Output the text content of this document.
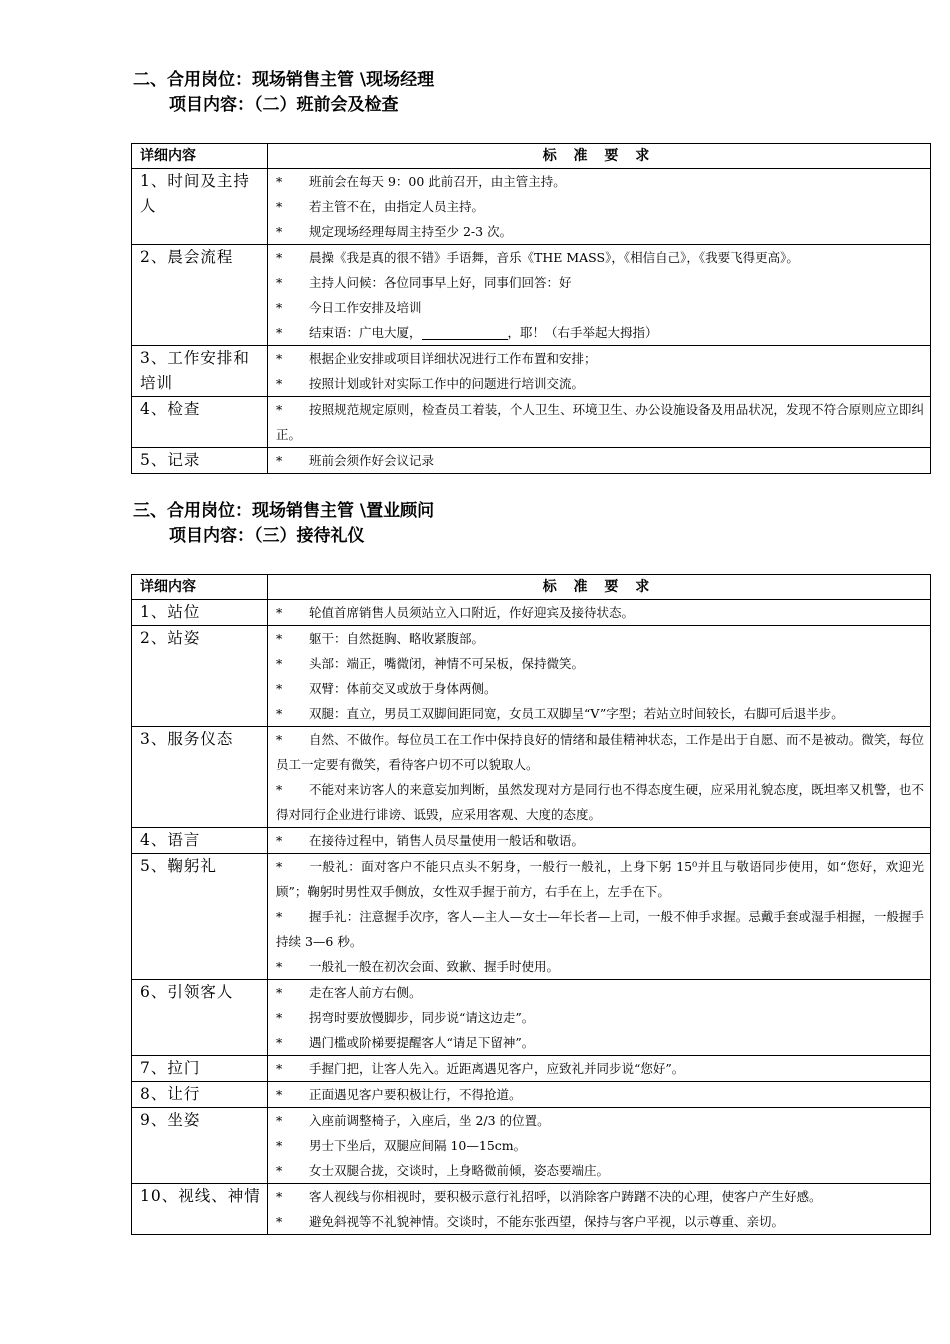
二、合用岗位：现场销售主管 \现场经理
项目内容：（二）班前会及检查
详细内容	标 准 要 求
1、时间及主持人	* 班前会在每天 9：00 此前召开，由主管主持。
* 若主管不在，由指定人员主持。
* 规定现场经理每周主持至少 2-3 次。

2、晨会流程	* 晨操《我是真的很不错》手语舞，音乐《THE MASS》，《相信自己》，《我要飞得更高》。
* 主持人问候：各位同事早上好，同事们回答：好
* 今日工作安排及培训
* 结束语：广电大厦， ，耶！（右手举起大拇指）

3、工作安排和培训	* 根据企业安排或项目详细状况进行工作布置和安排；
* 按照计划或针对实际工作中的问题进行培训交流。

4、检查	* 按照规范规定原则，检查员工着装，个人卫生、环境卫生、办公设施设备及用品状况，发现不符合原则应立即纠正。

5、记录	* 班前会须作好会议记录
三、合用岗位：现场销售主管 \置业顾问
项目内容：（三）接待礼仪
详细内容	标 准 要 求
1、站位	* 轮值首席销售人员须站立入口附近，作好迎宾及接待状态。

2、站姿	* 躯干：自然挺胸、略收紧腹部。
* 头部：端正，嘴微闭，神情不可呆板，保持微笑。
* 双臂：体前交叉或放于身体两侧。
* 双腿：直立，男员工双脚间距同宽，女员工双脚呈“V”字型；若站立时间较长，右脚可后退半步。

3、服务仪态	* 自然、不做作。每位员工在工作中保持良好的情绪和最佳精神状态，工作是出于自愿、而不是被动。微笑，每位员工一定要有微笑，看待客户切不可以貌取人。
* 不能对来访客人的来意妄加判断，虽然发现对方是同行也不得态度生硬，应采用礼貌态度，既坦率又机警，也不得对同行企业进行诽谤、诋毁，应采用客观、大度的态度。

4、语言	* 在接待过程中，销售人员尽量使用一般话和敬语。

5、鞠躬礼	* 一般礼：面对客户不能只点头不躬身，一般行一般礼，上身下躬 15⁰并且与敬语同步使用，如“您好，欢迎光顾”；鞠躬时男性双手侧放，女性双手握于前方，右手在上，左手在下。
* 握手礼：注意握手次序，客人—主人—女士—年长者—上司，一般不伸手求握。忌戴手套或湿手相握，一般握手持续 3—6 秒。
* 一般礼一般在初次会面、致歉、握手时使用。

6、引领客人	* 走在客人前方右侧。
* 拐弯时要放慢脚步，同步说“请这边走”。
* 遇门槛或阶梯要提醒客人“请足下留神”。

7、拉门	* 手握门把，让客人先入。近距离遇见客户，应致礼并同步说“您好”。

8、让行	* 正面遇见客户要积极让行，不得抢道。

9、坐姿	* 入座前调整椅子，入座后，坐 2/3 的位置。
* 男士下坐后，双腿应间隔 10—15cm。
* 女士双腿合拢，交谈时，上身略微前倾，姿态要端庄。

10、视线、神情	* 客人视线与你相视时，要积极示意行礼招呼，以消除客户踌躇不决的心理，使客户产生好感。
* 避免斜视等不礼貌神情。交谈时，不能东张西望，保持与客户平视，以示尊重、亲切。
